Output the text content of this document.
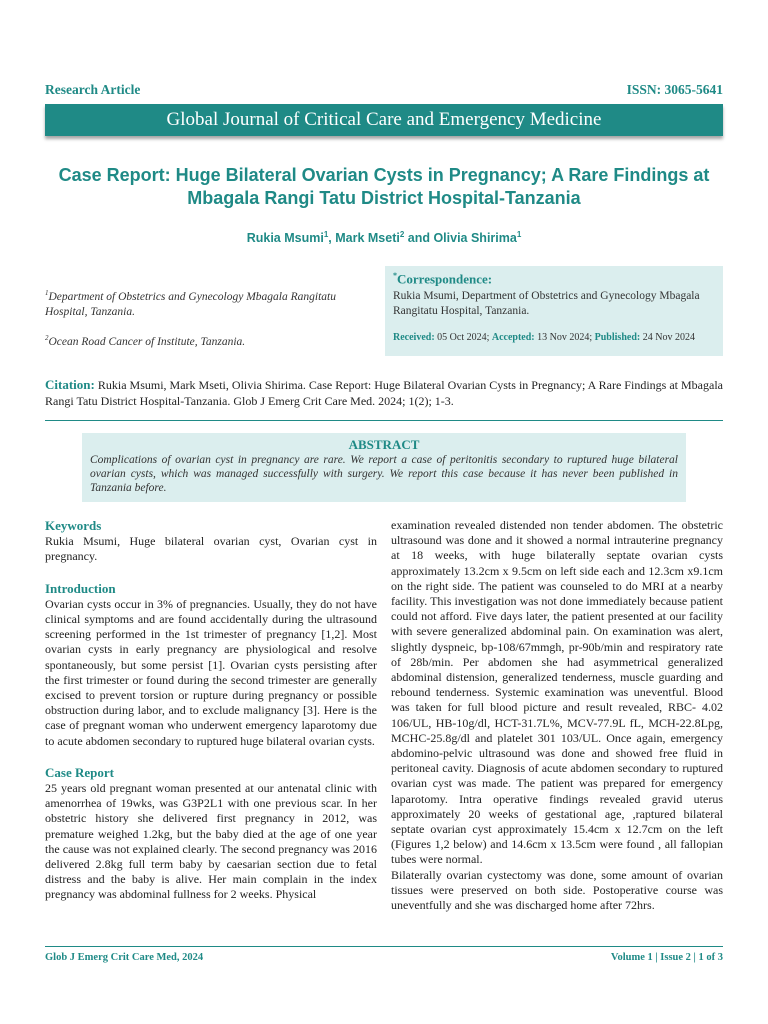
Research Article	ISSN: 3065-5641
Global Journal of Critical Care and Emergency Medicine
Case Report: Huge Bilateral Ovarian Cysts in Pregnancy; A Rare Findings at Mbagala Rangi Tatu District Hospital-Tanzania
Rukia Msumi$^1$, Mark Mseti$^2$ and Olivia Shirima$^1$

$^1$Department of Obstetrics and Gynecology Mbagala Rangitatu Hospital, Tanzania.

$^2$Ocean Road Cancer of Institute, Tanzania.

*Correspondence:
Rukia Msumi, Department of Obstetrics and Gynecology Mbagala Rangitatu Hospital, Tanzania.
Received: 05 Oct 2024; Accepted: 13 Nov 2024; Published: 24 Nov 2024
Citation: Rukia Msumi, Mark Mseti, Olivia Shirima. Case Report: Huge Bilateral Ovarian Cysts in Pregnancy; A Rare Findings at Mbagala Rangi Tatu District Hospital-Tanzania. Glob J Emerg Crit Care Med. 2024; 1(2); 1-3.
ABSTRACT
Complications of ovarian cyst in pregnancy are rare. We report a case of peritonitis secondary to ruptured huge bilateral ovarian cysts, which was managed successfully with surgery. We report this case because it has never been published in Tanzania before.
Keywords

Rukia Msumi, Huge bilateral ovarian cyst, Ovarian cyst in pregnancy.

Introduction

Ovarian cysts occur in 3% of pregnancies. Usually, they do not have clinical symptoms and are found accidentally during the ultrasound screening performed in the 1st trimester of pregnancy [1,2]. Most ovarian cysts in early pregnancy are physiological and resolve spontaneously, but some persist [1]. Ovarian cysts persisting after the first trimester or found during the second trimester are generally excised to prevent torsion or rupture during pregnancy or possible obstruction during labor, and to exclude malignancy [3]. Here is the case of pregnant woman who underwent emergency laparotomy due to acute abdomen secondary to ruptured huge bilateral ovarian cysts.

Case Report

25 years old pregnant woman presented at our antenatal clinic with amenorrhea of 19wks, was G3P2L1 with one previous scar. In her obstetric history she delivered first pregnancy in 2012, was premature weighed 1.2kg, but the baby died at the age of one year the cause was not explained clearly. The second pregnancy was 2016 delivered 2.8kg full term baby by caesarian section due to fetal distress and the baby is alive. Her main complain in the index pregnancy was abdominal fullness for 2 weeks. Physical

examination revealed distended non tender abdomen. The obstetric ultrasound was done and it showed a normal intrauterine pregnancy at 18 weeks, with huge bilaterally septate ovarian cysts approximately 13.2cm x 9.5cm on left side each and 12.3cm x9.1cm on the right side. The patient was counseled to do MRI at a nearby facility. This investigation was not done immediately because patient could not afford. Five days later, the patient presented at our facility with severe generalized abdominal pain. On examination was alert, slightly dyspneic, bp-108/67mmgh, pr-90b/min and respiratory rate of 28b/min. Per abdomen she had asymmetrical generalized abdominal distension, generalized tenderness, muscle guarding and rebound tenderness. Systemic examination was uneventful. Blood was taken for full blood picture and result revealed, RBC- 4.02 106/UL, HB-10g/dl, HCT-31.7L%, MCV-77.9L fL, MCH-22.8Lpg, MCHC-25.8g/dl and platelet 301 103/UL. Once again, emergency abdomino-pelvic ultrasound was done and showed free fluid in peritoneal cavity. Diagnosis of acute abdomen secondary to ruptured ovarian cyst was made. The patient was prepared for emergency laparotomy. Intra operative findings revealed gravid uterus approximately 20 weeks of gestational age, ,raptured bilateral septate ovarian cyst approximately 15.4cm x 12.7cm on the left (Figures 1,2 below) and 14.6cm x 13.5cm were found , all fallopian tubes were normal.

Bilaterally ovarian cystectomy was done, some amount of ovarian tissues were preserved on both side. Postoperative course was uneventfully and she was discharged home after 72hrs.

Glob J Emerg Crit Care Med, 2024	Volume 1 | Issue 2 | 1 of 3
